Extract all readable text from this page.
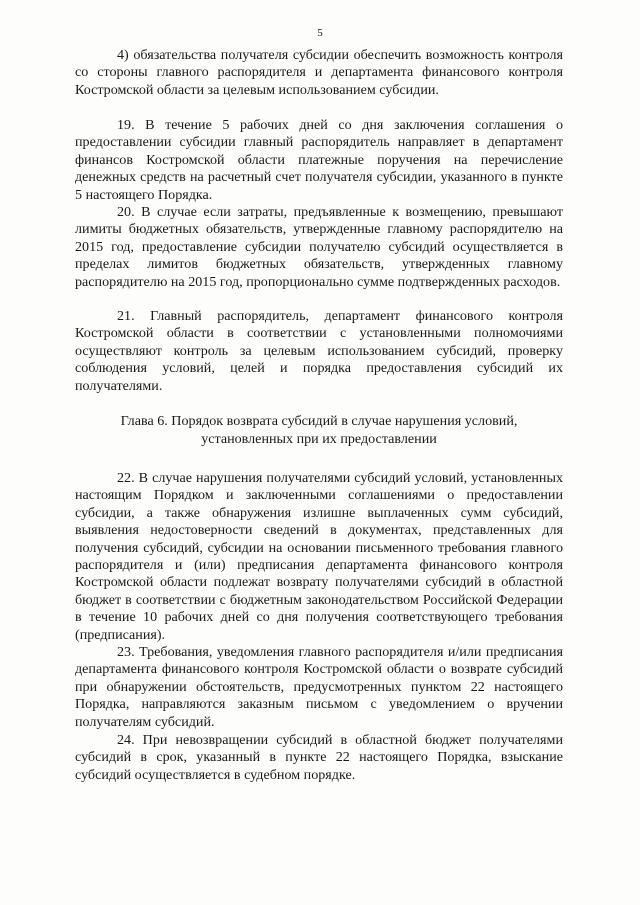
5

4) обязательства получателя субсидии обеспечить возможность контроля со стороны главного распорядителя и департамента финансового контроля Костромской области за целевым использованием субсидии.

19. В течение 5 рабочих дней со дня заключения соглашения о предоставлении субсидии главный распорядитель направляет в департамент финансов Костромской области платежные поручения на перечисление денежных средств на расчетный счет получателя субсидии, указанного в пункте 5 настоящего Порядка.

20. В случае если затраты, предъявленные к возмещению, превышают лимиты бюджетных обязательств, утвержденные главному распорядителю на 2015 год, предоставление субсидии получателю субсидий осуществляется в пределах лимитов бюджетных обязательств, утвержденных главному распорядителю на 2015 год, пропорционально сумме подтвержденных расходов.

21. Главный распорядитель, департамент финансового контроля Костромской области в соответствии с установленными полномочиями осуществляют контроль за целевым использованием субсидий, проверку соблюдения условий, целей и порядка предоставления субсидий их получателями.

Глава 6. Порядок возврата субсидий в случае нарушения условий,
установленных при их предоставлении

22. В случае нарушения получателями субсидий условий, установленных настоящим Порядком и заключенными соглашениями о предоставлении субсидии, а также обнаружения излишне выплаченных сумм субсидий, выявления недостоверности сведений в документах, представленных для получения субсидий, субсидии на основании письменного требования главного распорядителя и (или) предписания департамента финансового контроля Костромской области подлежат возврату получателями субсидий в областной бюджет в соответствии с бюджетным законодательством Российской Федерации в течение 10 рабочих дней со дня получения соответствующего требования (предписания).

23. Требования, уведомления главного распорядителя и/или предписания департамента финансового контроля Костромской области о возврате субсидий при обнаружении обстоятельств, предусмотренных пунктом 22 настоящего Порядка, направляются заказным письмом с уведомлением о вручении получателям субсидий.

24. При невозвращении субсидий в областной бюджет получателями субсидий в срок, указанный в пункте 22 настоящего Порядка, взыскание субсидий осуществляется в судебном порядке.
